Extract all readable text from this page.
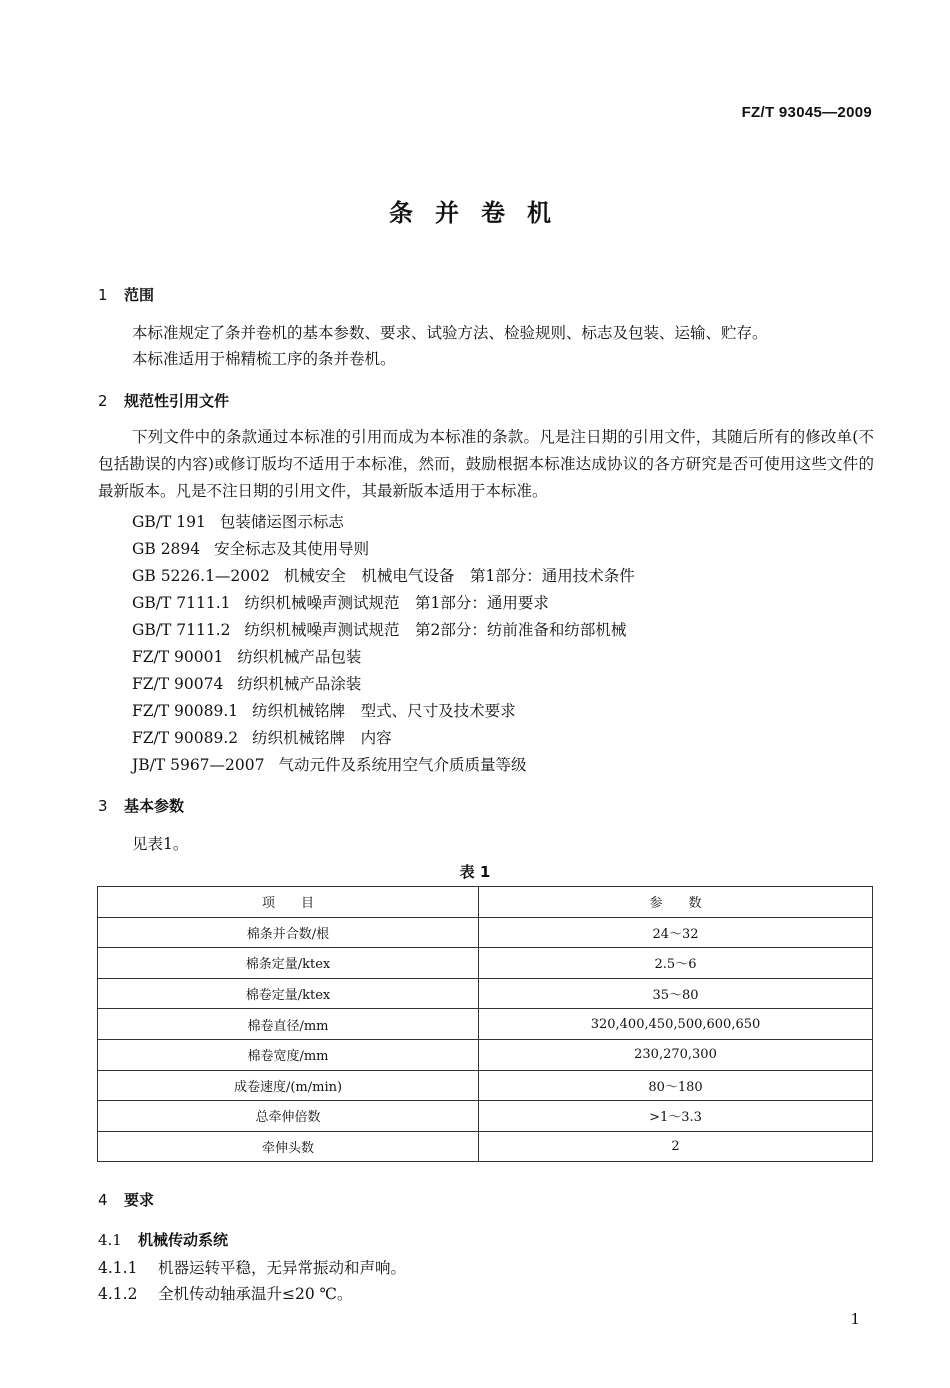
FZ/T 93045—2009
条并卷机
1 范围
本标准规定了条并卷机的基本参数、要求、试验方法、检验规则、标志及包装、运输、贮存。
本标准适用于棉精梳工序的条并卷机。
2 规范性引用文件
下列文件中的条款通过本标准的引用而成为本标准的条款。凡是注日期的引用文件，其随后所有的修改单(不包括勘误的内容)或修订版均不适用于本标准，然而，鼓励根据本标准达成协议的各方研究是否可使用这些文件的最新版本。凡是不注日期的引用文件，其最新版本适用于本标准。
GB/T 191 包装储运图示标志
GB 2894 安全标志及其使用导则
GB 5226.1—2002 机械安全　机械电气设备　第1部分：通用技术条件
GB/T 7111.1 纺织机械噪声测试规范　第1部分：通用要求
GB/T 7111.2 纺织机械噪声测试规范　第2部分：纺前准备和纺部机械
FZ/T 90001 纺织机械产品包装
FZ/T 90074 纺织机械产品涂装
FZ/T 90089.1 纺织机械铭牌　型式、尺寸及技术要求
FZ/T 90089.2 纺织机械铭牌　内容
JB/T 5967—2007 气动元件及系统用空气介质质量等级
3 基本参数
见表1。
表 1
项目	参数
棉条并合数/根	24～32
棉条定量/ktex	2.5～6
棉卷定量/ktex	35～80
棉卷直径/mm	320,400,450,500,600,650
棉卷宽度/mm	230,270,300
成卷速度/(m/min)	80～180
总牵伸倍数	>1～3.3
牵伸头数	2
4 要求
4.1 机械传动系统
4.1.1 机器运转平稳，无异常振动和声响。
4.1.2 全机传动轴承温升≤20 ℃。
1
